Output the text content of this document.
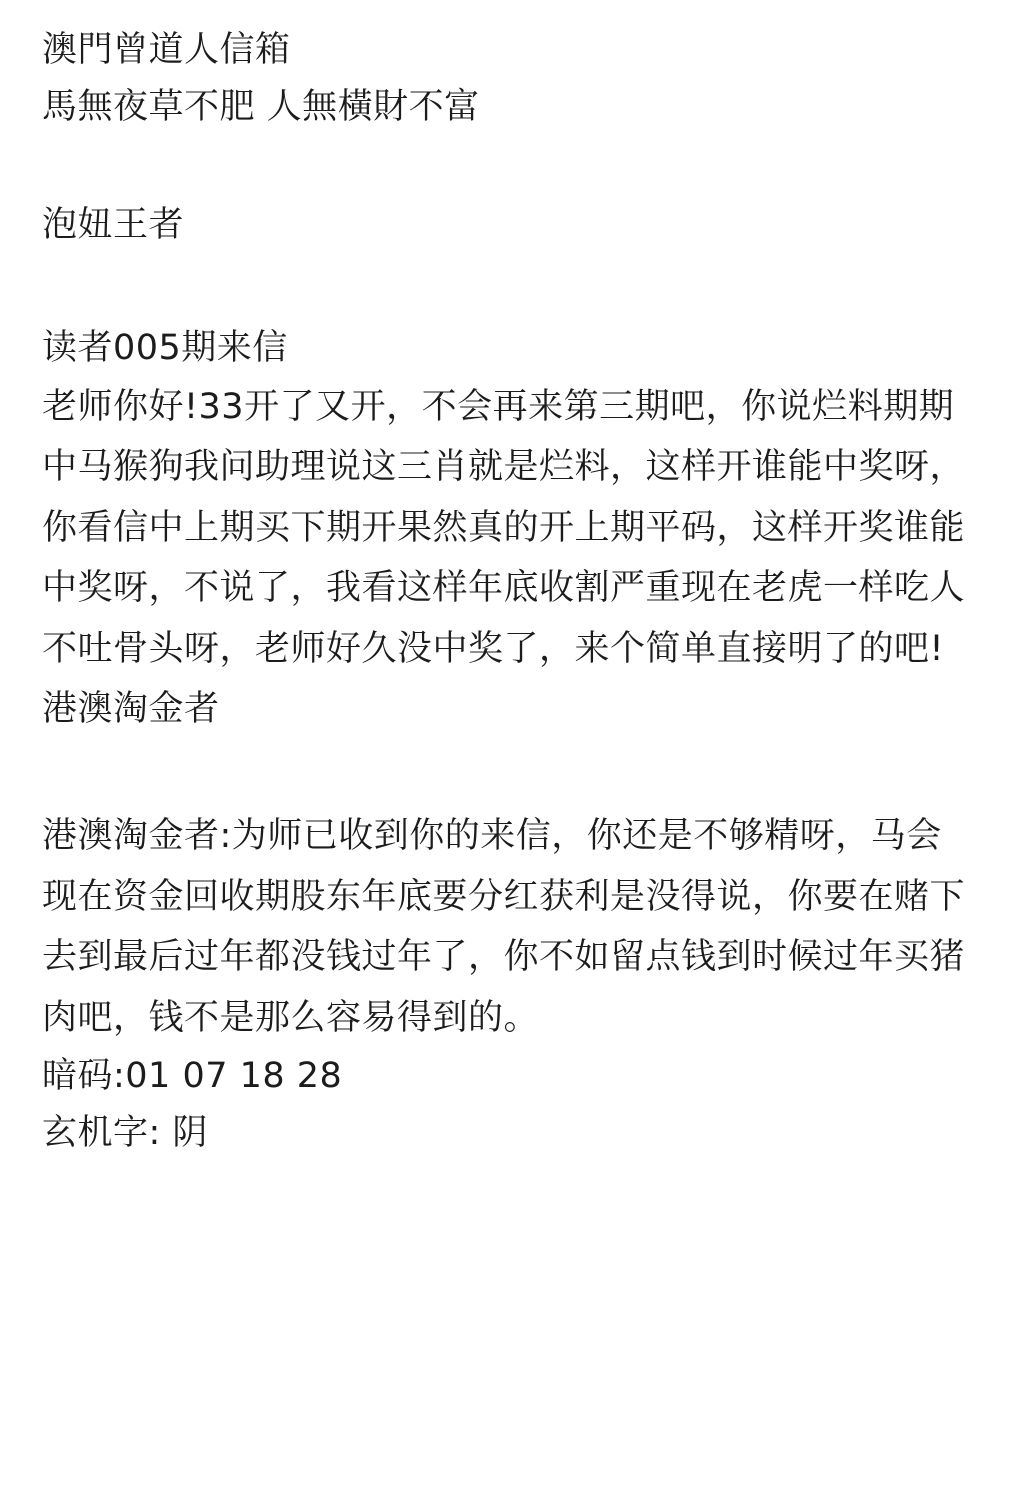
澳門曾道人信箱
馬無夜草不肥 人無橫財不富
泡妞王者
读者005期来信
老师你好!33开了又开，不会再来第三期吧，你说烂料期期中马猴狗我问助理说这三肖就是烂料，这样开谁能中奖呀，你看信中上期买下期开果然真的开上期平码，这样开奖谁能中奖呀，不说了，我看这样年底收割严重现在老虎一样吃人不吐骨头呀，老师好久没中奖了，来个简单直接明了的吧!港澳淘金者
港澳淘金者:为师已收到你的来信，你还是不够精呀，马会现在资金回收期股东年底要分红获利是没得说，你要在赌下去到最后过年都没钱过年了，你不如留点钱到时候过年买猪肉吧，钱不是那么容易得到的。
暗码:01 07 18 28
玄机字: 阴
